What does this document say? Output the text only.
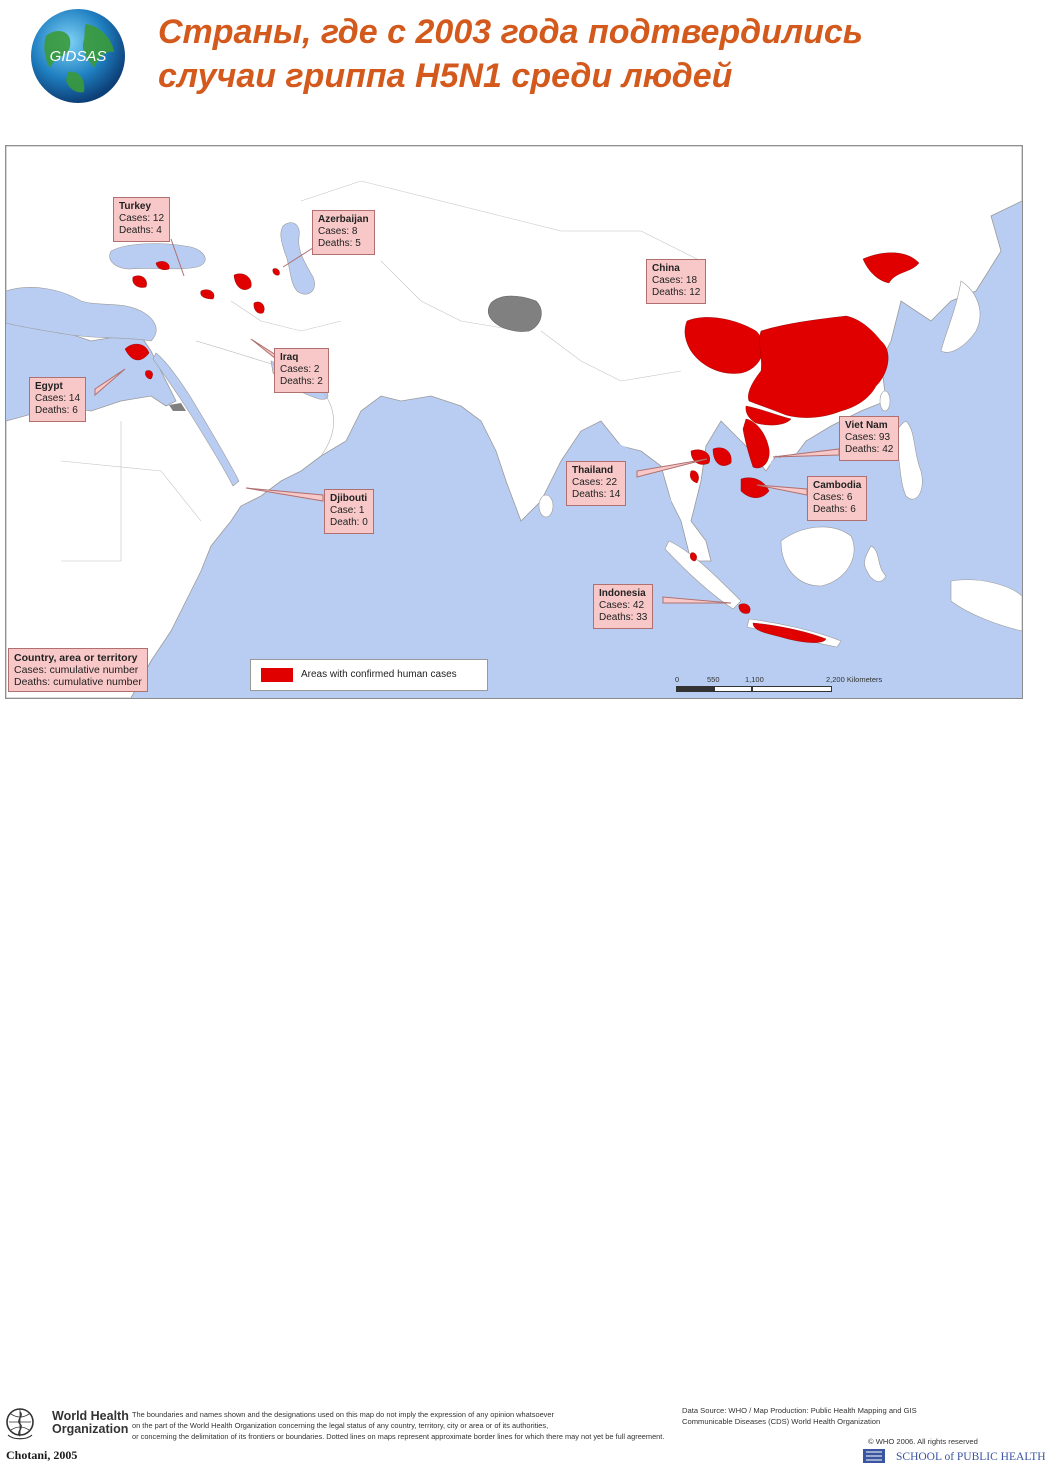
GIDSAS
Страны, где с 2003 года подтвердились
случаи гриппа H5N1 среди людей
Turkey
Cases: 12
Deaths: 4
Azerbaijan
Cases: 8
Deaths: 5
China
Cases: 18
Deaths: 12
Iraq
Cases: 2
Deaths: 2
Egypt
Cases: 14
Deaths: 6
Djibouti
Case: 1
Death: 0
Thailand
Cases: 22
Deaths: 14
Viet Nam
Cases: 93
Deaths: 42
Cambodia
Cases: 6
Deaths: 6
Indonesia
Cases: 42
Deaths: 33
Country, area or territory
Cases: cumulative number
Deaths: cumulative number
Areas with confirmed human cases	0	550	1,100	2,200 Kilometers
World Health
Organization
The boundaries and names shown and the designations used on this map do not imply the expression of any opinion whatsoever
on the part of the World Health Organization concerning the legal status of any country, territory, city or area or of its authorities,
or concerning the delimitation of its frontiers or boundaries. Dotted lines on maps represent approximate border lines for which there may not yet be full agreement.
Data Source: WHO / Map Production: Public Health Mapping and GIS
Communicable Diseases (CDS) World Health Organization
© WHO 2006. All rights reserved
Chotani, 2005	SCHOOL of PUBLIC HEALTH
